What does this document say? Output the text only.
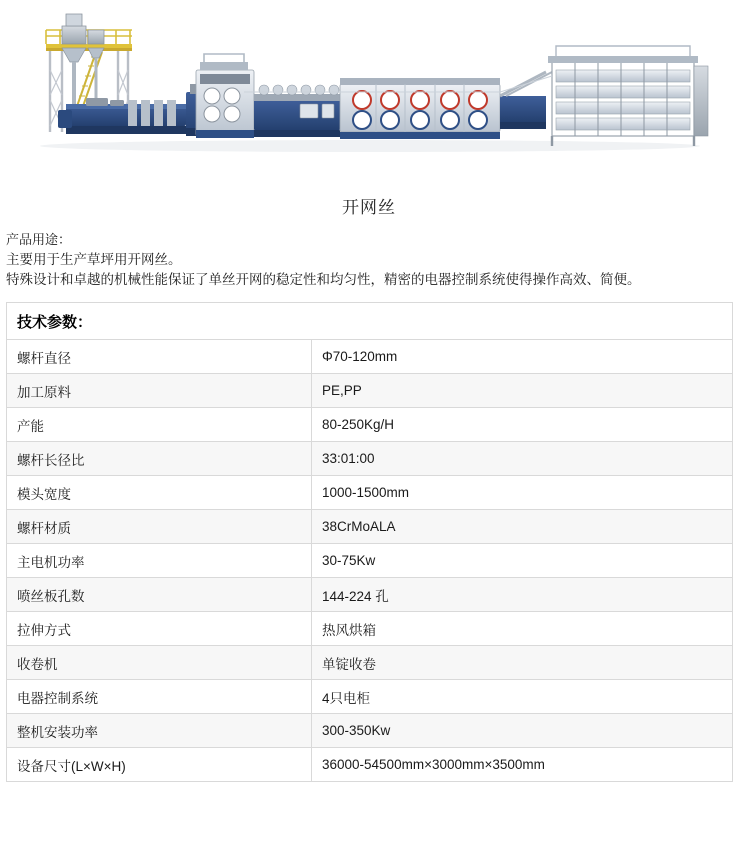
开网丝
产品用途：
主要用于生产草坪用开网丝。
特殊设计和卓越的机械性能保证了单丝开网的稳定性和均匀性，精密的电器控制系统使得操作高效、简便。
技术参数：	
螺杆直径	Φ70-120mm
加工原料	PE,PP
产能	80-250Kg/H
螺杆长径比	33:01:00
模头宽度	1000-1500mm
螺杆材质	38CrMoALA
主电机功率	30-75Kw
喷丝板孔数	144-224 孔
拉伸方式	热风烘箱
收卷机	单锭收卷
电器控制系统	4只电柜
整机安装功率	300-350Kw
设备尺寸(L×W×H)	36000-54500mm×3000mm×3500mm
